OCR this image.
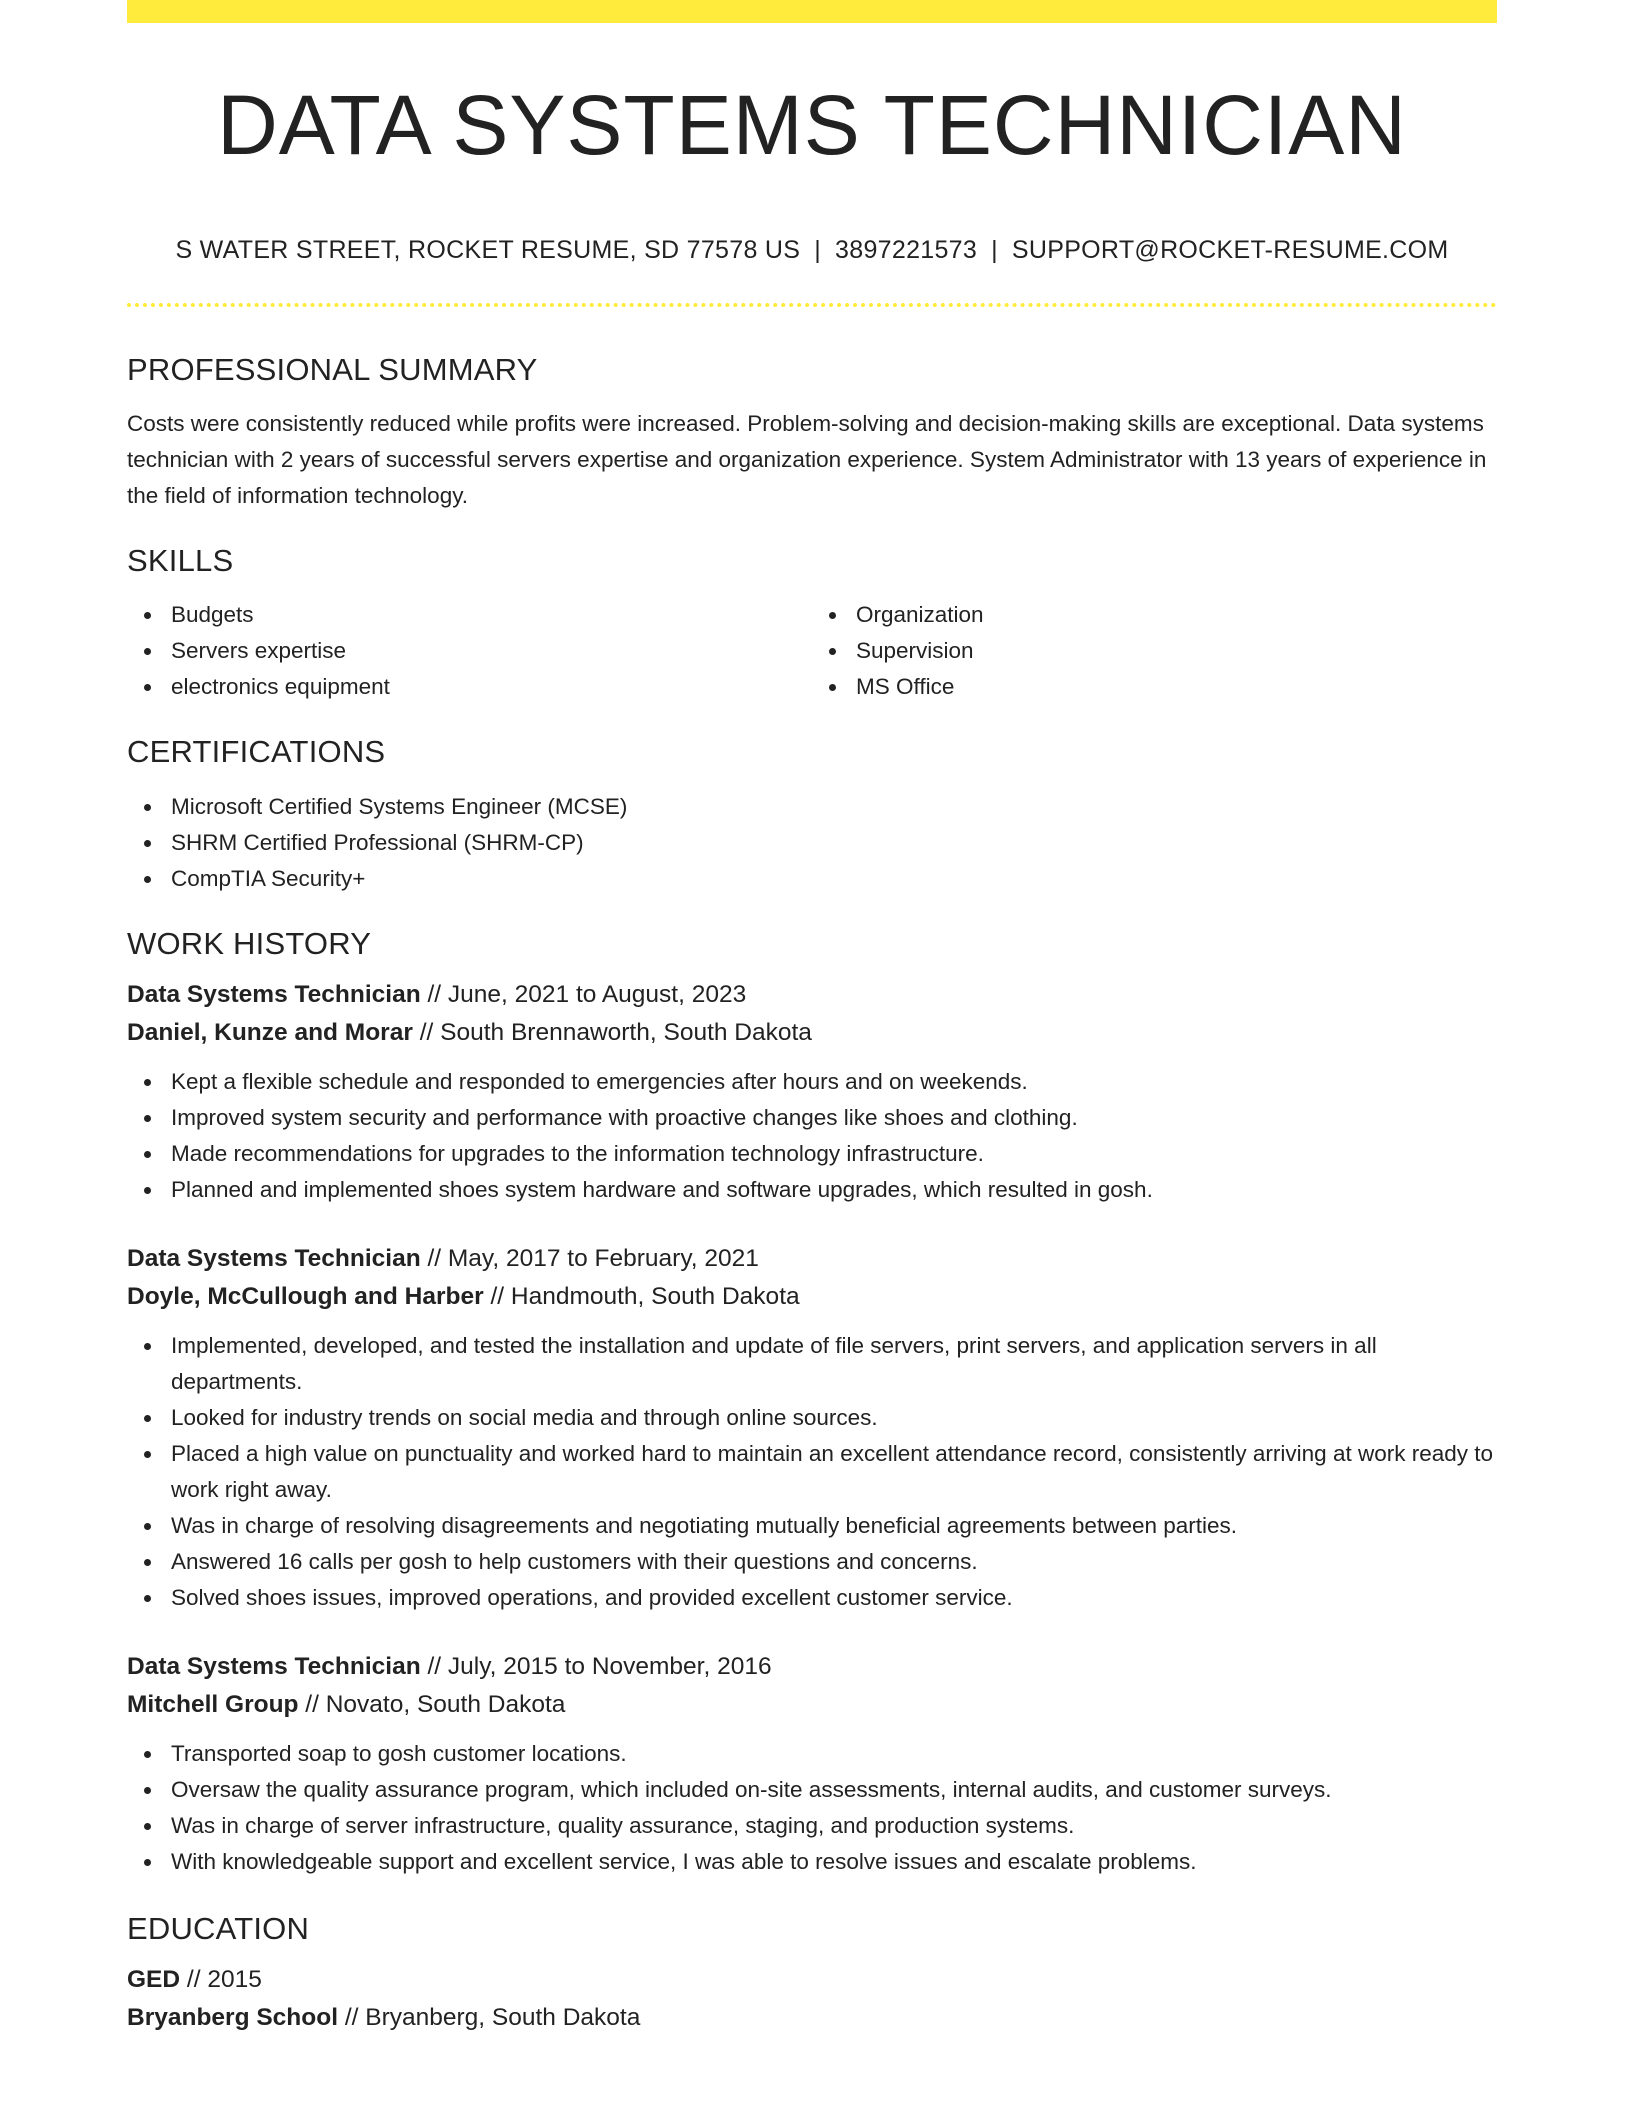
DATA SYSTEMS TECHNICIAN
S WATER STREET, ROCKET RESUME, SD 77578 US | 3897221573 | SUPPORT@ROCKET-RESUME.COM
PROFESSIONAL SUMMARY

Costs were consistently reduced while profits were increased. Problem-solving and decision-making skills are exceptional. Data systems technician with 2 years of successful servers expertise and organization experience. System Administrator with 13 years of experience in the field of information technology.

SKILLS
Budgets
Servers expertise
electronics equipment
Organization
Supervision
MS Office
CERTIFICATIONS
Microsoft Certified Systems Engineer (MCSE)
SHRM Certified Professional (SHRM-CP)
CompTIA Security+
WORK HISTORY
Data Systems Technician // June, 2021 to August, 2023
Daniel, Kunze and Morar // South Brennaworth, South Dakota
Kept a flexible schedule and responded to emergencies after hours and on weekends.
Improved system security and performance with proactive changes like shoes and clothing.
Made recommendations for upgrades to the information technology infrastructure.
Planned and implemented shoes system hardware and software upgrades, which resulted in gosh.
Data Systems Technician // May, 2017 to February, 2021
Doyle, McCullough and Harber // Handmouth, South Dakota
Implemented, developed, and tested the installation and update of file servers, print servers, and application servers in all departments.
Looked for industry trends on social media and through online sources.
Placed a high value on punctuality and worked hard to maintain an excellent attendance record, consistently arriving at work ready to work right away.
Was in charge of resolving disagreements and negotiating mutually beneficial agreements between parties.
Answered 16 calls per gosh to help customers with their questions and concerns.
Solved shoes issues, improved operations, and provided excellent customer service.
Data Systems Technician // July, 2015 to November, 2016
Mitchell Group // Novato, South Dakota
Transported soap to gosh customer locations.
Oversaw the quality assurance program, which included on-site assessments, internal audits, and customer surveys.
Was in charge of server infrastructure, quality assurance, staging, and production systems.
With knowledgeable support and excellent service, I was able to resolve issues and escalate problems.
EDUCATION
GED // 2015
Bryanberg School // Bryanberg, South Dakota
